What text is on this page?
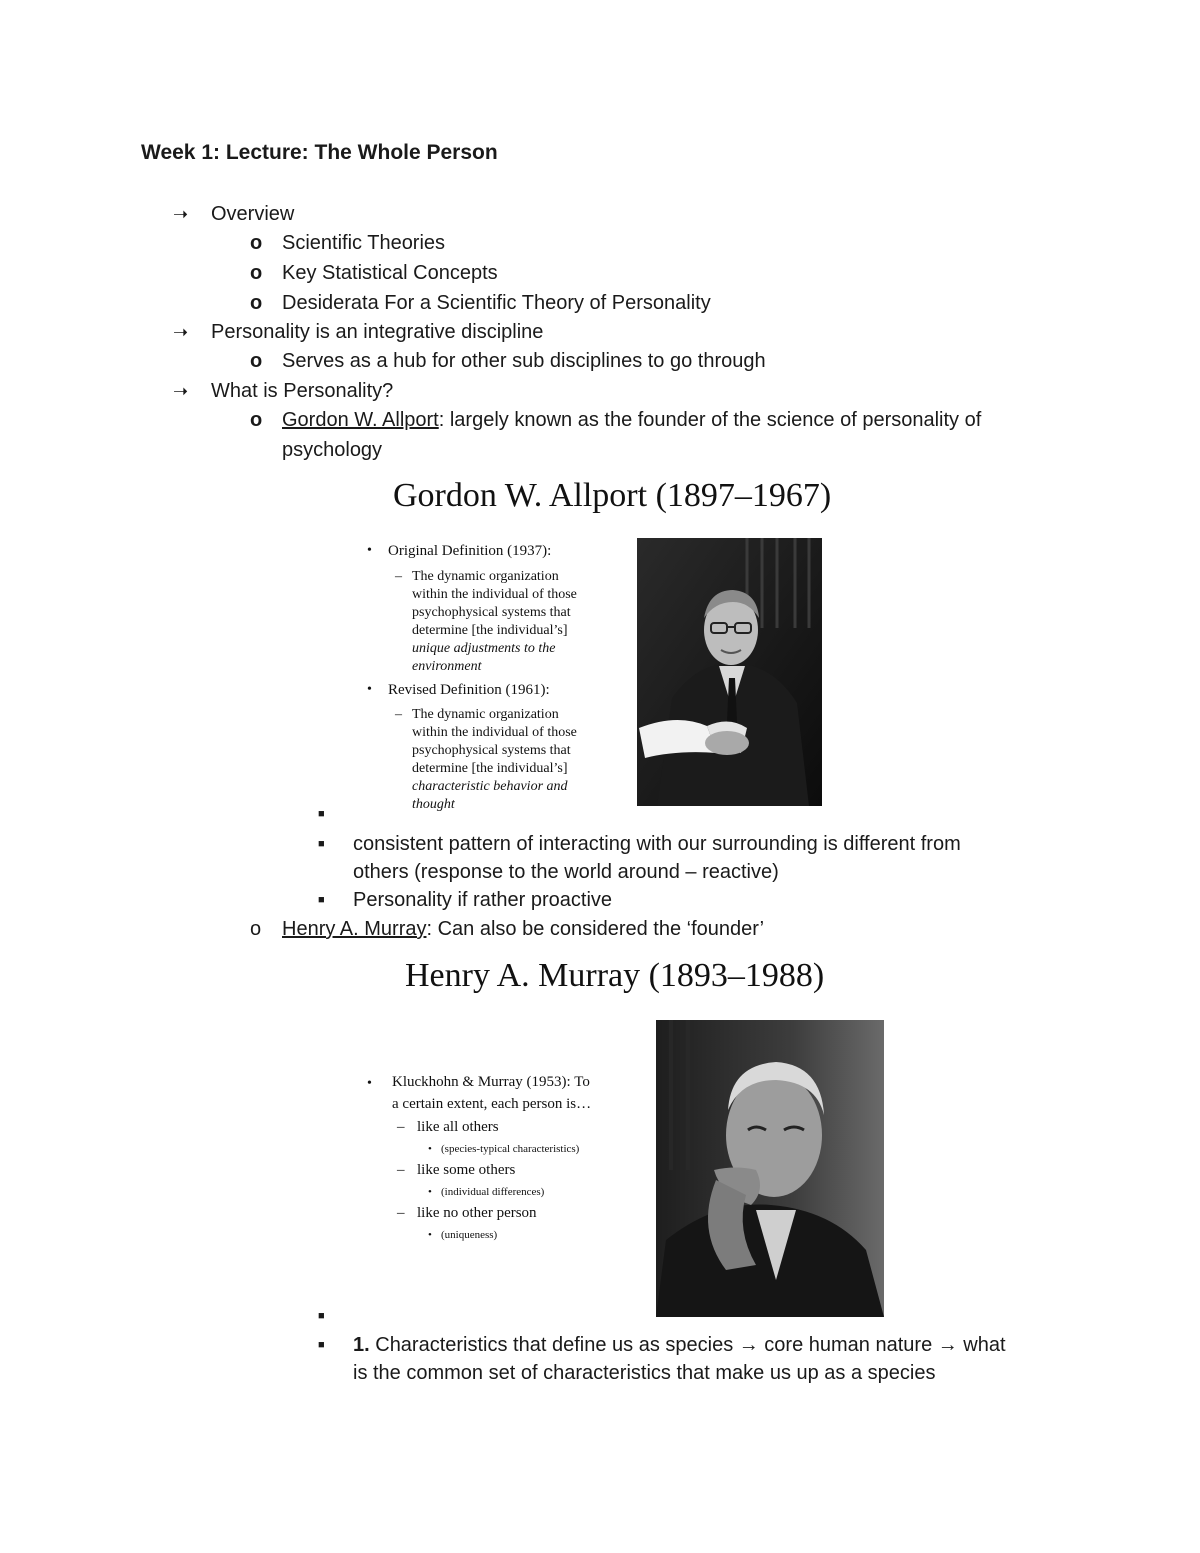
Week 1: Lecture: The Whole Person
➝ Overview
o Scientific Theories
o Key Statistical Concepts
o Desiderata For a Scientific Theory of Personality
➝ Personality is an integrative discipline
o Serves as a hub for other sub disciplines to go through
➝ What is Personality?
o Gordon W. Allport: largely known as the founder of the science of personality of
psychology
Gordon W. Allport (1897–1967)
• Original Definition (1937):
– The dynamic organization
within the individual of those
psychophysical systems that
determine [the individual’s]
unique adjustments to the
environment
• Revised Definition (1961):
– The dynamic organization
within the individual of those
psychophysical systems that
determine [the individual’s]
characteristic behavior and
thought
■
■ consistent pattern of interacting with our surrounding is different from
others (response to the world around – reactive)
■ Personality if rather proactive
o Henry A. Murray: Can also be considered the ‘founder’
Henry A. Murray (1893–1988)
• Kluckhohn & Murray (1953): To
a certain extent, each person is…
– like all others
• (species-typical characteristics)
– like some others
• (individual differences)
– like no other person
• (uniqueness)
■
■ 1. Characteristics that define us as species → core human nature → what
is the common set of characteristics that make us up as a species
